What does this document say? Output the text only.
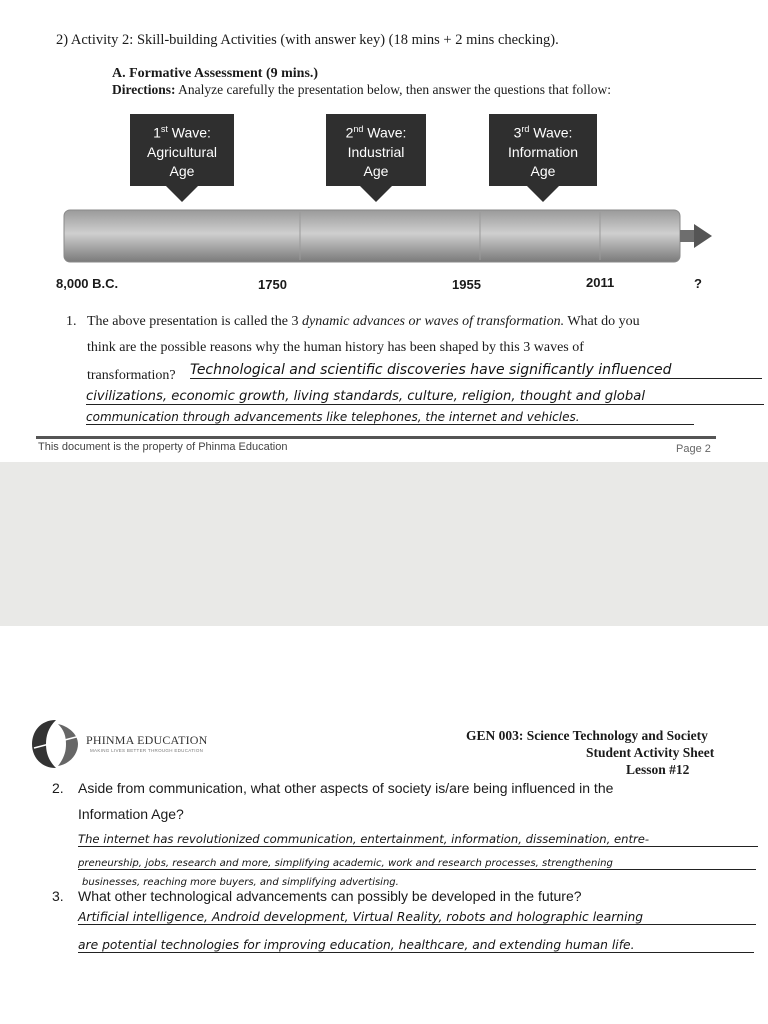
2) Activity 2: Skill-building Activities (with answer key) (18 mins + 2 mins checking).
A. Formative Assessment (9 mins.)
Directions: Analyze carefully the presentation below, then answer the questions that follow:
1st Wave:
Agricultural
Age
2nd Wave:
Industrial
Age
3rd Wave:
Information
Age
8,000 B.C.	1750	1955	2011	?
1. The above presentation is called the 3 dynamic advances or waves of transformation. What do you
think are the possible reasons why the human history has been shaped by this 3 waves of
transformation? Technological and scientific discoveries have significantly influenced
civilizations, economic growth, living standards, culture, religion, thought and global
communication through advancements like telephones, the internet and vehicles.
This document is the property of Phinma Education	Page 2
PHINMA EDUCATION
MAKING LIVES BETTER THROUGH EDUCATION
GEN 003: Science Technology and Society
Student Activity Sheet
Lesson #12
2. Aside from communication, what other aspects of society is/are being influenced in the
Information Age?
The internet has revolutionized communication, entertainment, information, dissemination, entre-
preneurship, jobs, research and more, simplifying academic, work and research processes, strengthening
businesses, reaching more buyers, and simplifying advertising.
3. What other technological advancements can possibly be developed in the future?
Artificial intelligence, Android development, Virtual Reality, robots and holographic learning
are potential technologies for improving education, healthcare, and extending human life.
